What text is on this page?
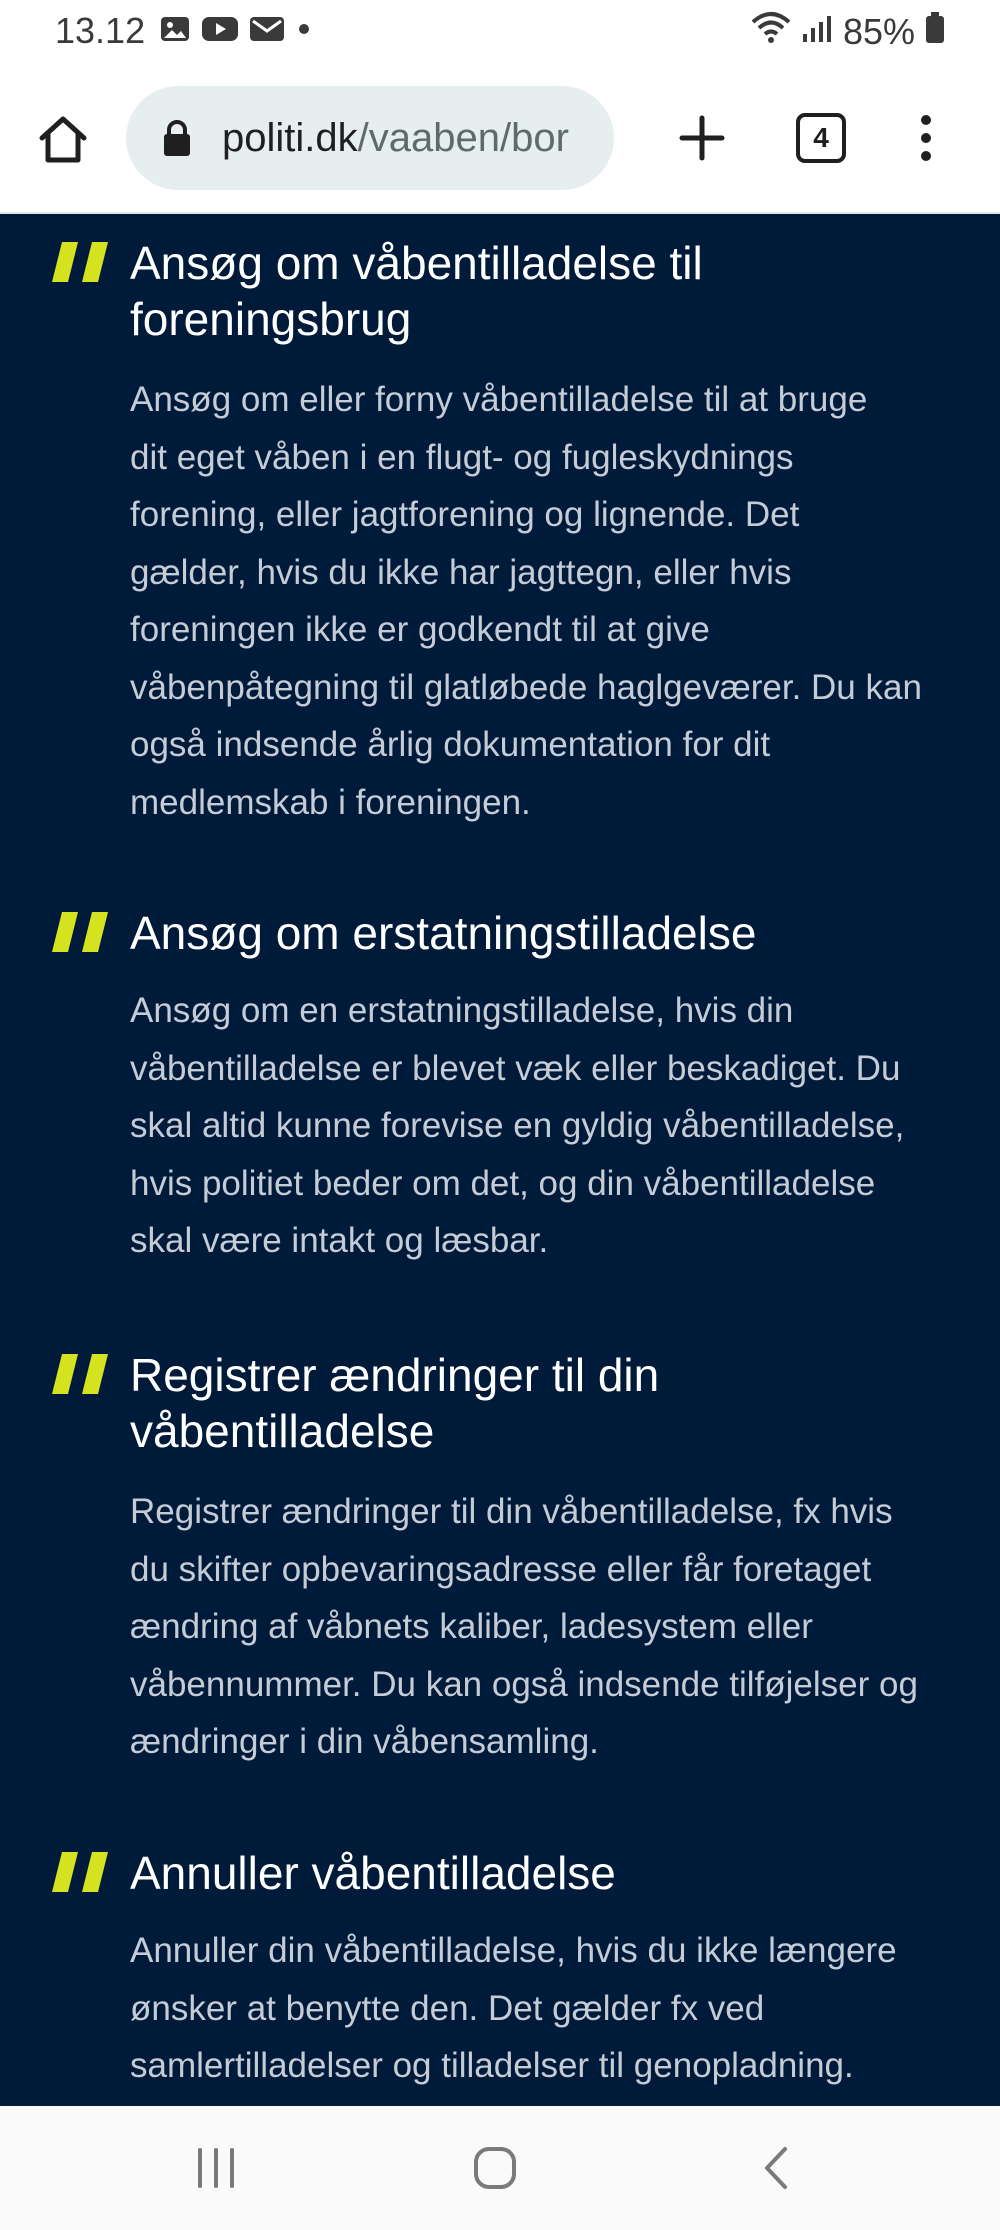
13.12	85%
politi.dk/vaaben/bor	4
Ansøg om våbentilladelse til
foreningsbrug
Ansøg om eller forny våbentilladelse til at bruge
dit eget våben i en flugt- og fugleskydnings
forening, eller jagtforening og lignende. Det
gælder, hvis du ikke har jagttegn, eller hvis
foreningen ikke er godkendt til at give
våbenpåtegning til glatløbede haglgeværer. Du kan
også indsende årlig dokumentation for dit
medlemskab i foreningen.
Ansøg om erstatningstilladelse
Ansøg om en erstatningstilladelse, hvis din
våbentilladelse er blevet væk eller beskadiget. Du
skal altid kunne forevise en gyldig våbentilladelse,
hvis politiet beder om det, og din våbentilladelse
skal være intakt og læsbar.
Registrer ændringer til din
våbentilladelse
Registrer ændringer til din våbentilladelse, fx hvis
du skifter opbevaringsadresse eller får foretaget
ændring af våbnets kaliber, ladesystem eller
våbennummer. Du kan også indsende tilføjelser og
ændringer i din våbensamling.
Annuller våbentilladelse
Annuller din våbentilladelse, hvis du ikke længere
ønsker at benytte den. Det gælder fx ved
samlertilladelser og tilladelser til genopladning.
